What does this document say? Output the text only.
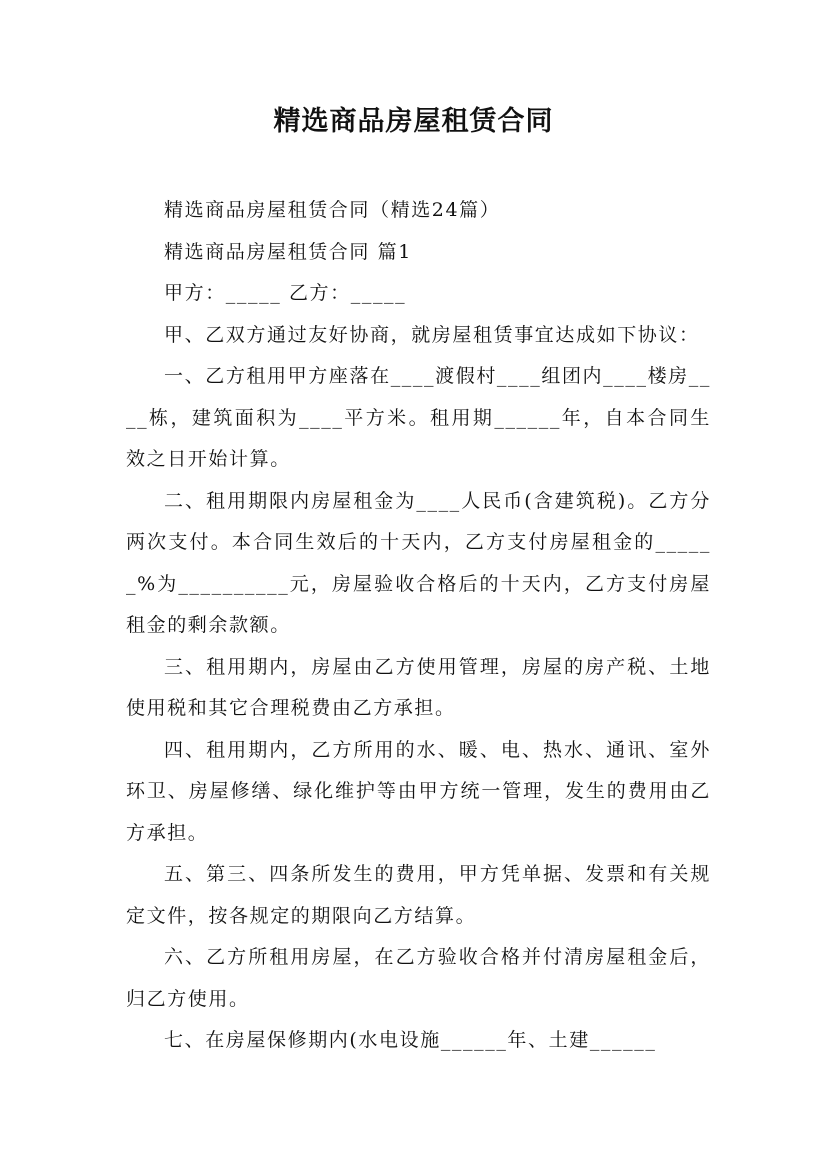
精选商品房屋租赁合同

精选商品房屋租赁合同（精选24篇）

精选商品房屋租赁合同 篇1

甲方：_____ 乙方：_____

甲、乙双方通过友好协商，就房屋租赁事宜达成如下协议：

一、乙方租用甲方座落在____渡假村____组团内____楼房____栋，建筑面积为____平方米。租用期______年，自本合同生效之日开始计算。

二、租用期限内房屋租金为____人民币(含建筑税)。乙方分两次支付。本合同生效后的十天内，乙方支付房屋租金的______%为__________元，房屋验收合格后的十天内，乙方支付房屋租金的剩余款额。

三、租用期内，房屋由乙方使用管理，房屋的房产税、土地使用税和其它合理税费由乙方承担。

四、租用期内，乙方所用的水、暖、电、热水、通讯、室外环卫、房屋修缮、绿化维护等由甲方统一管理，发生的费用由乙方承担。

五、第三、四条所发生的费用，甲方凭单据、发票和有关规定文件，按各规定的期限向乙方结算。

六、乙方所租用房屋，在乙方验收合格并付清房屋租金后，归乙方使用。

七、在房屋保修期内(水电设施______年、土建______
